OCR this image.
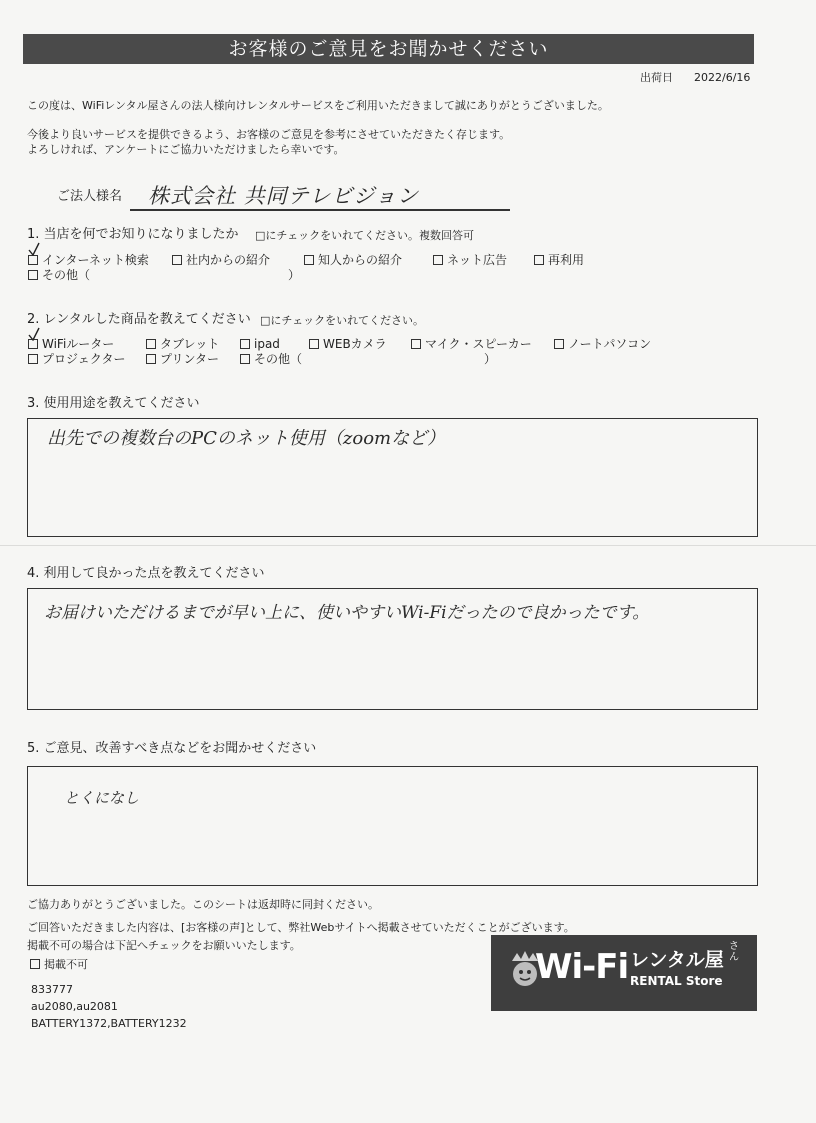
お客様のご意見をお聞かせください
出荷日 2022/6/16
この度は、WiFiレンタル屋さんの法人様向けレンタルサービスをご利用いただきまして誠にありがとうございました。
今後より良いサービスを提供できるよう、お客様のご意見を参考にさせていただきたく存じます。
よろしければ、アンケートにご協力いただけましたら幸いです。
ご法人様名 株式会社 共同テレビジョン
1. 当店を何でお知りになりましたか □にチェックをいれてください。複数回答可
インターネット検索	社内からの紹介	知人からの紹介	ネット広告	再利用
その他（	）
2. レンタルした商品を教えてください □にチェックをいれてください。
WiFiルーター	タブレット	ipad	WEBカメラ	マイク・スピーカー	ノートパソコン
プロジェクター	プリンター	その他（	）
3. 使用用途を教えてください
出先での複数台のPCのネット使用（zoomなど）
4. 利用して良かった点を教えてください
お届けいただけるまでが早い上に、使いやすいWi-Fiだったので良かったです。
5. ご意見、改善すべき点などをお聞かせください
とくになし
ご協力ありがとうございました。このシートは返却時に同封ください。
ご回答いただきました内容は、[お客様の声]として、弊社Webサイトへ掲載させていただくことがございます。
掲載不可の場合は下記へチェックをお願いいたします。
掲載不可
833777
au2080,au2081
BATTERY1372,BATTERY1232
Wi-Fi レンタル屋
さん
RENTAL Store
